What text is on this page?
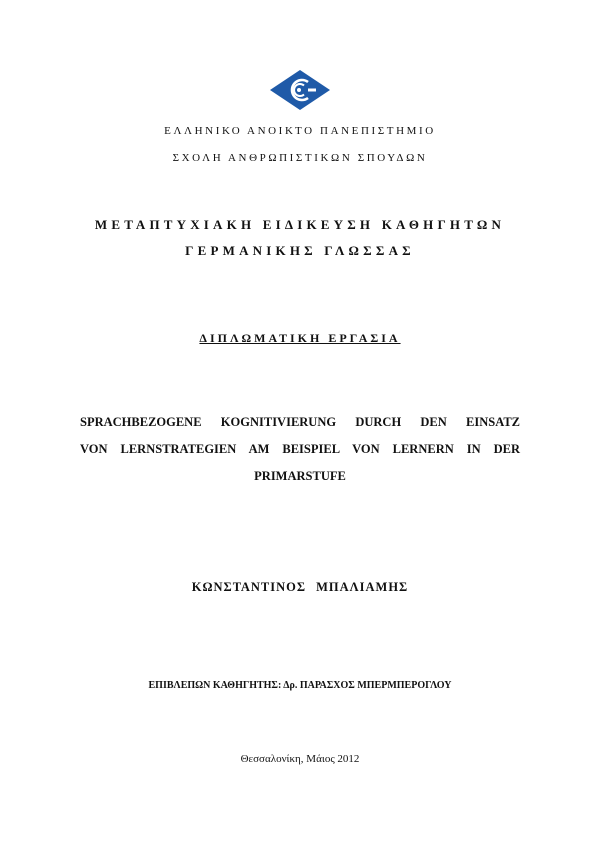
ΕΛΛΗΝΙΚΟ ΑΝΟΙΚΤΟ ΠΑΝΕΠΙΣΤΗΜΙΟ
ΣΧΟΛΗ ΑΝΘΡΩΠΙΣΤΙΚΩΝ ΣΠΟΥΔΩΝ
ΜΕΤΑΠΤΥΧΙΑΚΗ ΕΙΔΙΚΕΥΣΗ ΚΑΘΗΓΗΤΩΝ
ΓΕΡΜΑΝΙΚΗΣ ΓΛΩΣΣΑΣ
ΔΙΠΛΩΜΑΤΙΚΗ ΕΡΓΑΣΙΑ
SPRACHBEZOGENE KOGNITIVIERUNG DURCH DEN EINSATZ
VON LERNSTRATEGIEN AM BEISPIEL VON LERNERN IN DER
PRIMARSTUFE
ΚΩΝΣΤΑΝΤΙΝΟΣ ΜΠΑΛΙΑΜΗΣ
ΕΠΙΒΛΕΠΩΝ ΚΑΘΗΓΗΤΗΣ: Δρ. ΠΑΡΑΣΧΟΣ ΜΠΕΡΜΠΕΡΟΓΛΟΥ
Θεσσαλονίκη, Μάιος 2012
